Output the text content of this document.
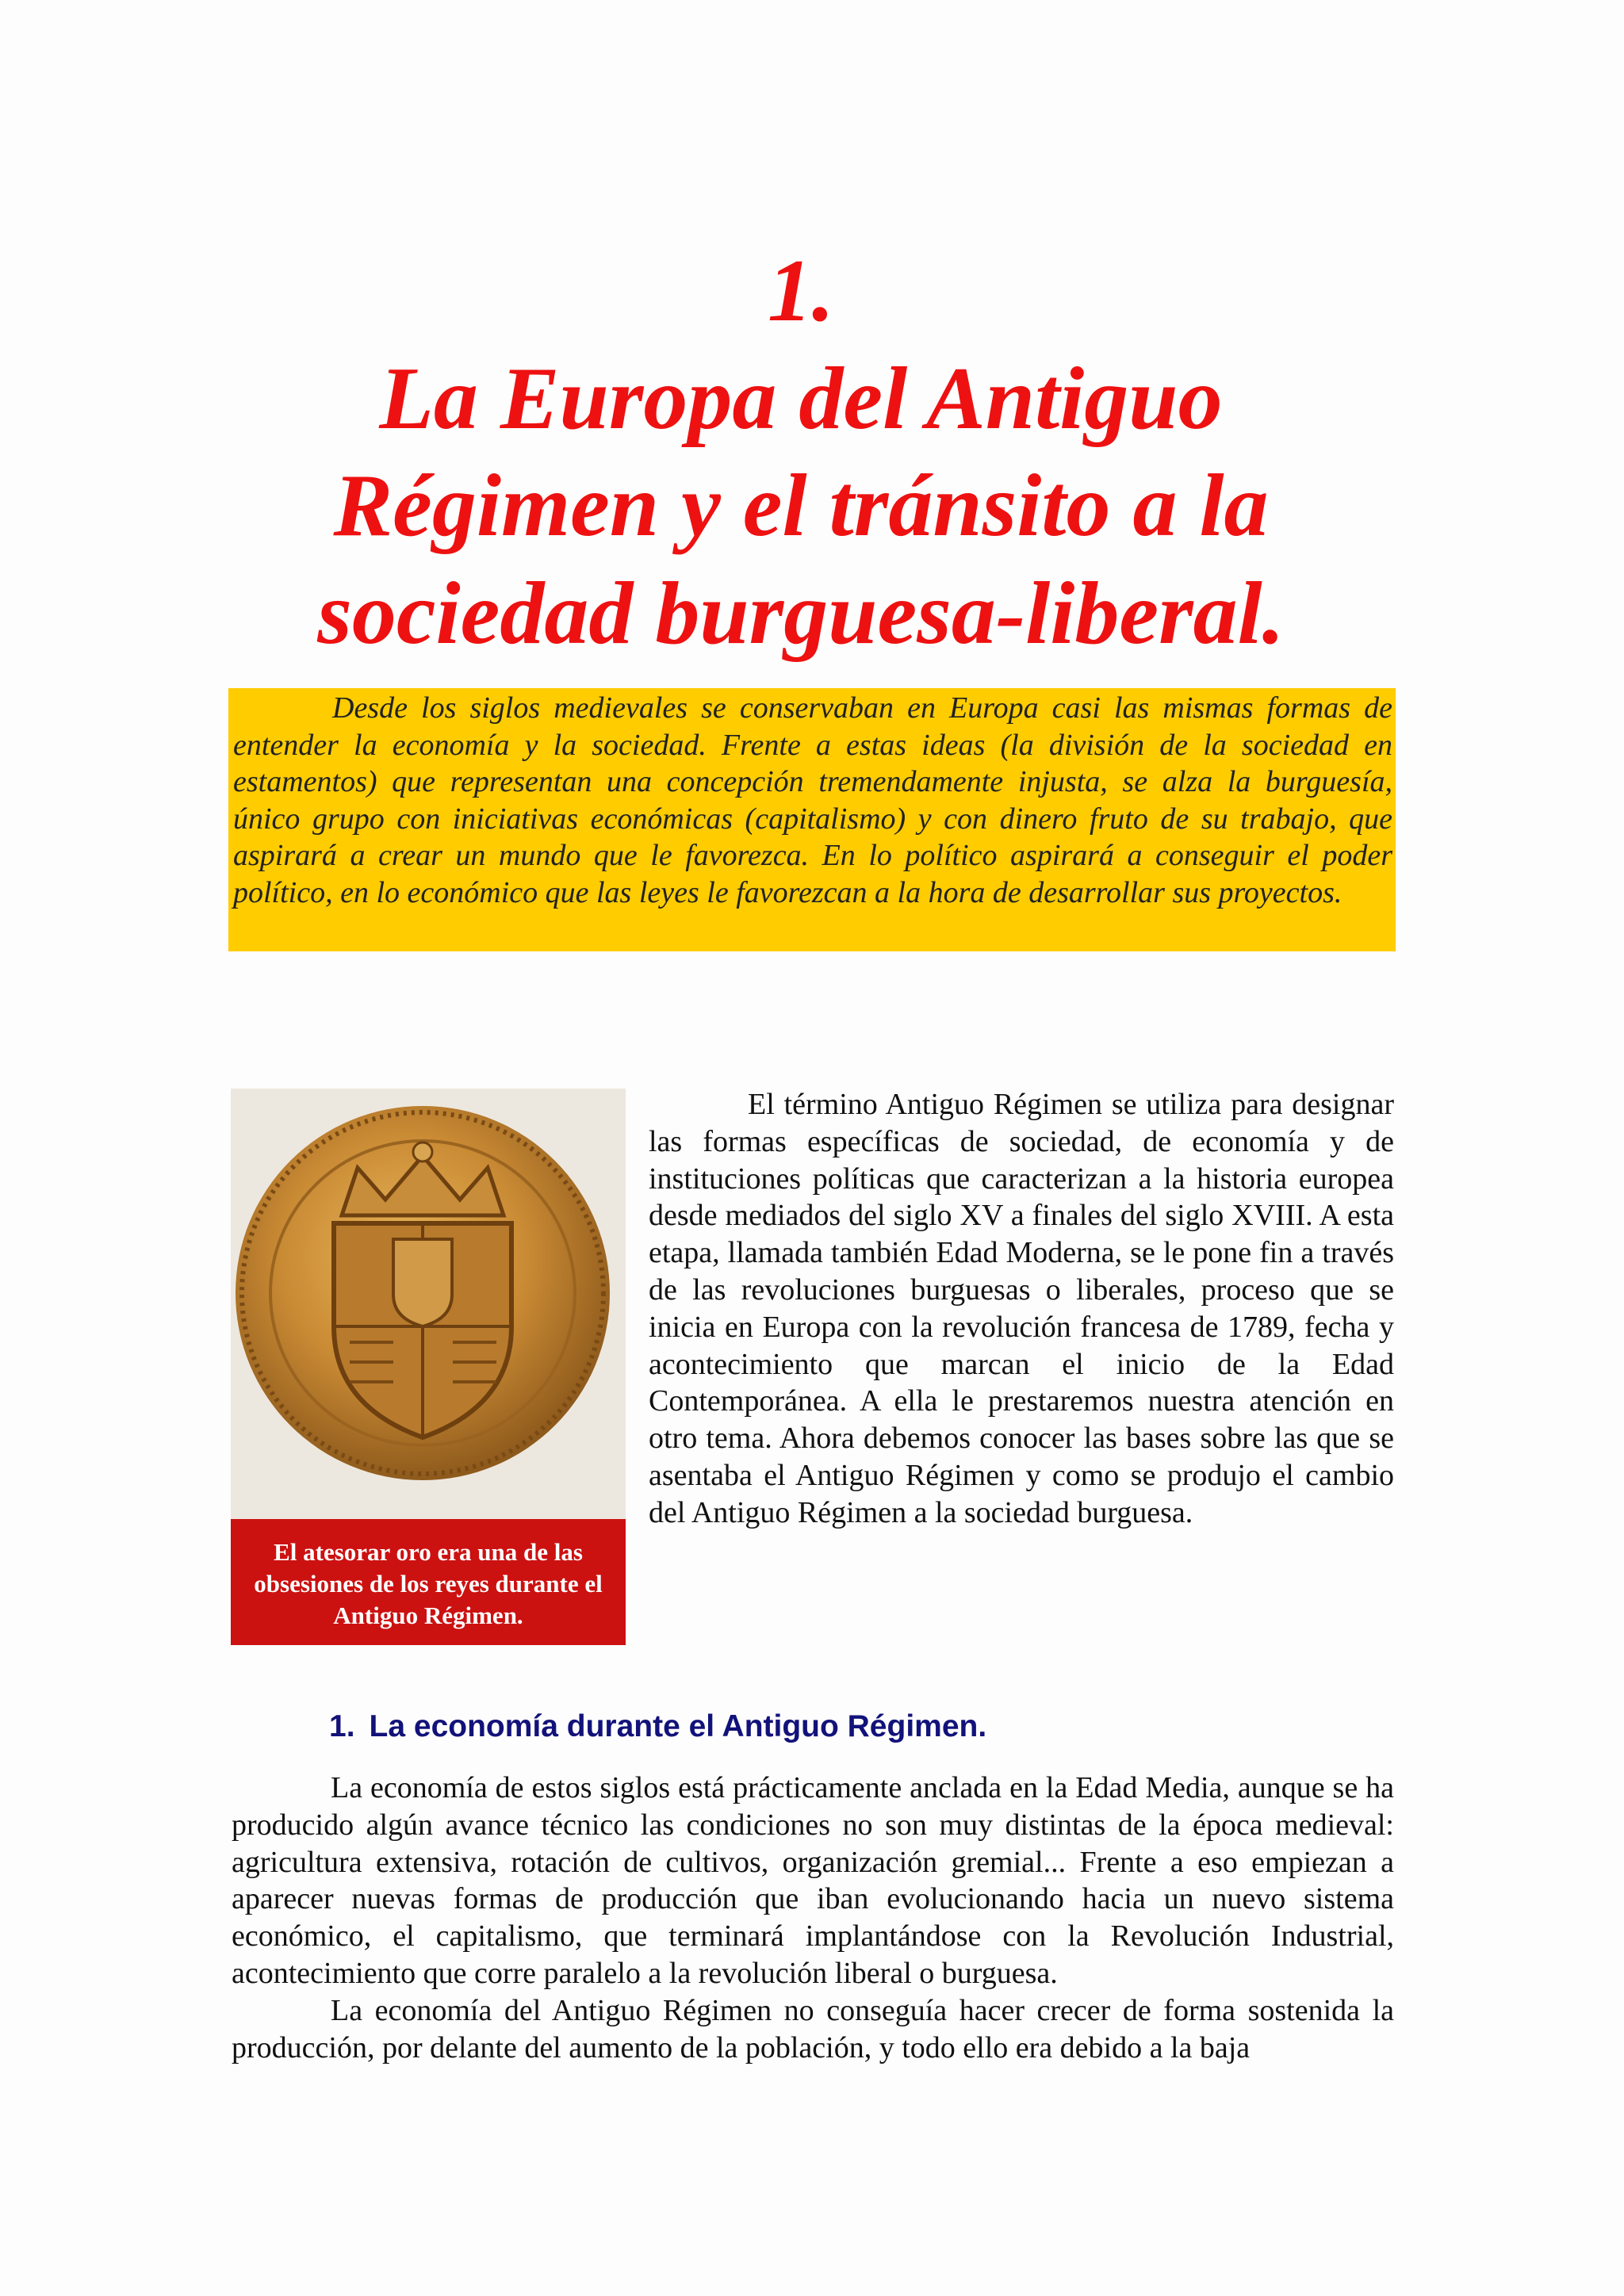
1.
La Europa del Antiguo
Régimen y el tránsito a la
sociedad burguesa-liberal.

Desde los siglos medievales se conservaban en Europa casi las mismas formas de entender la economía y la sociedad. Frente a estas ideas (la división de la sociedad en estamentos) que representan una concepción tremendamente injusta, se alza la burguesía, único grupo con iniciativas económicas (capitalismo) y con dinero fruto de su trabajo, que aspirará a crear un mundo que le favorezca. En lo político aspirará a conseguir el poder político, en lo económico que las leyes le favorezcan a la hora de desarrollar sus proyectos.

El atesorar oro era una de las obsesiones de los reyes durante el Antiguo Régimen.

El término Antiguo Régimen se utiliza para designar las formas específicas de sociedad, de economía y de instituciones políticas que caracterizan a la historia europea desde mediados del siglo XV a finales del siglo XVIII. A esta etapa, llamada también Edad Moderna, se le pone fin a través de las revoluciones burguesas o liberales, proceso que se inicia en Europa con la revolución francesa de 1789, fecha y acontecimiento que marcan el inicio de la Edad Contemporánea. A ella le prestaremos nuestra atención en otro tema. Ahora debemos conocer las bases sobre las que se asentaba el Antiguo Régimen y como se produjo el cambio del Antiguo Régimen a la sociedad burguesa.

1. La economía durante el Antiguo Régimen.

La economía de estos siglos está prácticamente anclada en la Edad Media, aunque se ha producido algún avance técnico las condiciones no son muy distintas de la época medieval: agricultura extensiva, rotación de cultivos, organización gremial... Frente a eso empiezan a aparecer nuevas formas de producción que iban evolucionando hacia un nuevo sistema económico, el capitalismo, que terminará implantándose con la Revolución Industrial, acontecimiento que corre paralelo a la revolución liberal o burguesa.

La economía del Antiguo Régimen no conseguía hacer crecer de forma sostenida la producción, por delante del aumento de la población, y todo ello era debido a la baja
